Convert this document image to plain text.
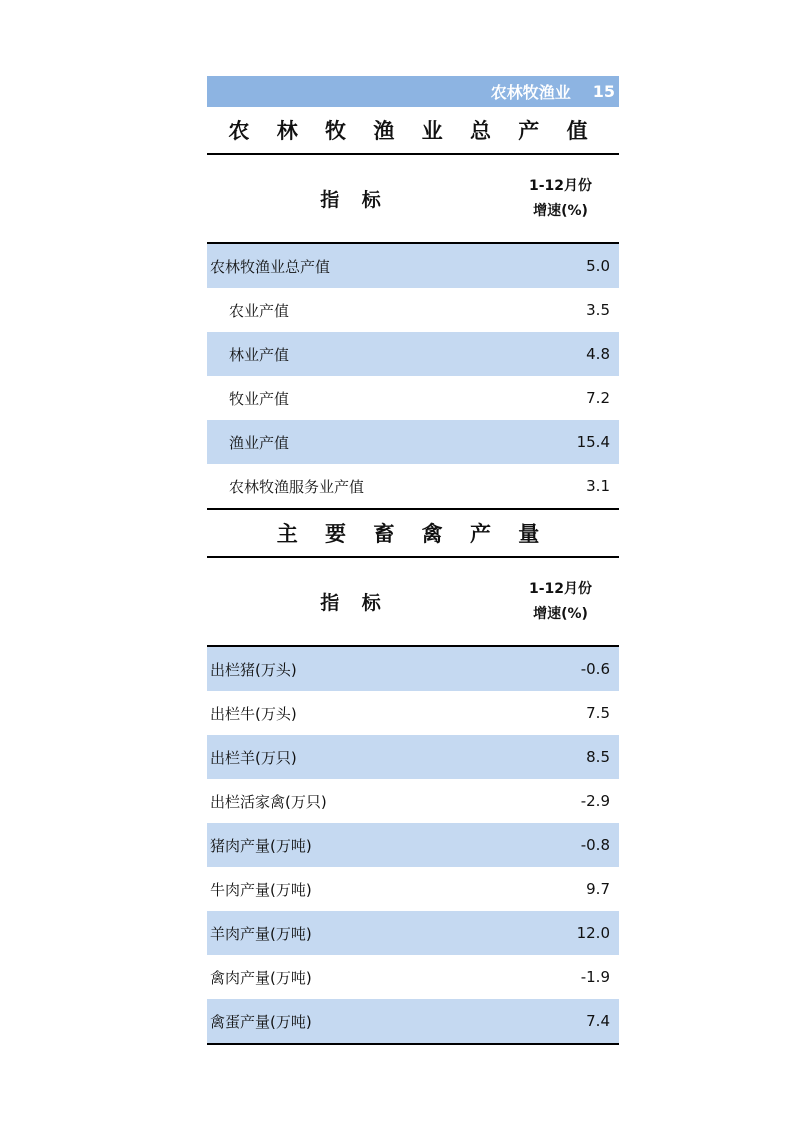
农林牧渔业 15
农 林 牧 渔 业 总 产 值
指 标
1-12月份
增速(%)
农林牧渔业总产值	5.0
农业产值	3.5
林业产值	4.8
牧业产值	7.2
渔业产值	15.4
农林牧渔服务业产值	3.1
主 要 畜 禽 产 量
指 标
1-12月份
增速(%)
出栏猪(万头)	-0.6
出栏牛(万头)	7.5
出栏羊(万只)	8.5
出栏活家禽(万只)	-2.9
猪肉产量(万吨)	-0.8
牛肉产量(万吨)	9.7
羊肉产量(万吨)	12.0
禽肉产量(万吨)	-1.9
禽蛋产量(万吨)	7.4
